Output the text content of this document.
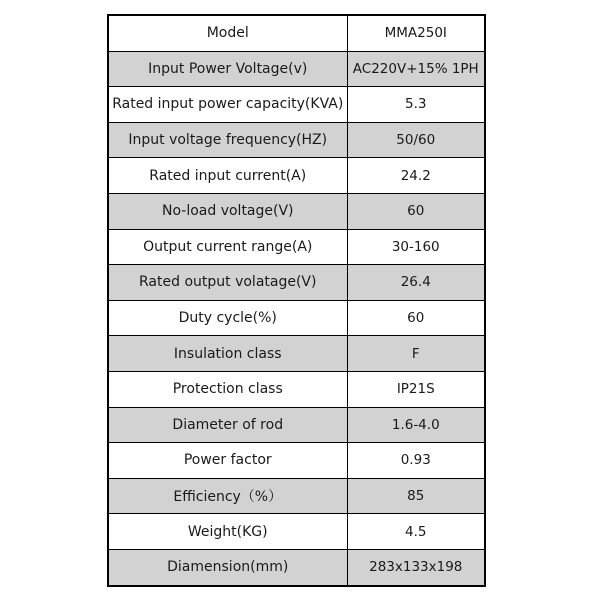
Model	MMA250I
Input Power Voltage(v)	AC220V+15% 1PH
Rated input power capacity(KVA)	5.3
Input voltage frequency(HZ)	50/60
Rated input current(A)	24.2
No-load voltage(V)	60
Output current range(A)	30-160
Rated output volatage(V)	26.4
Duty cycle(%)	60
Insulation class	F
Protection class	IP21S
Diameter of rod	1.6-4.0
Power factor	0.93
Efficiency（%）	85
Weight(KG)	4.5
Diamension(mm)	283x133x198
